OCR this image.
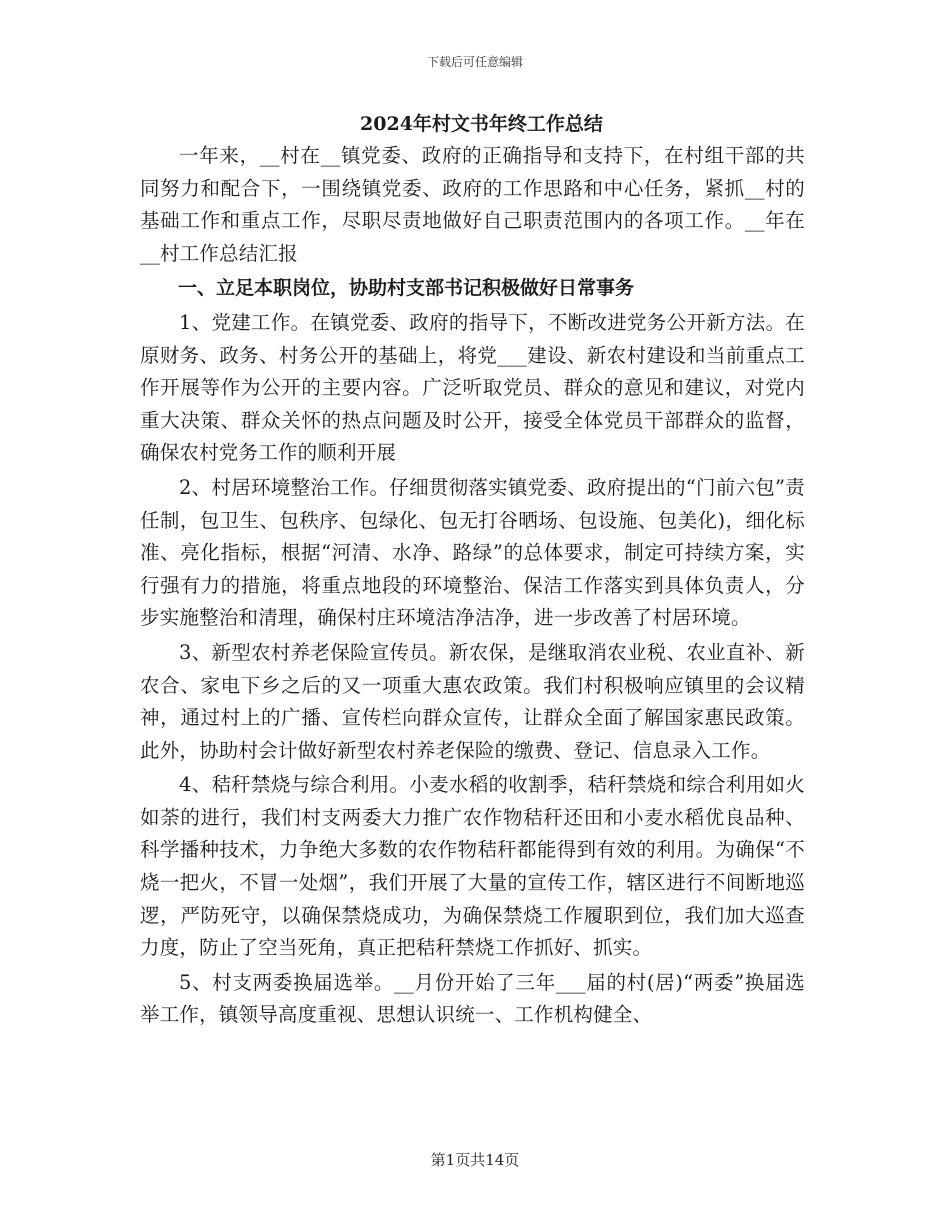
下载后可任意编辑
2024年村文书年终工作总结

一年来，__村在__镇党委、政府的正确指导和支持下，在村组干部的共同努力和配合下，一围绕镇党委、政府的工作思路和中心任务，紧抓__村的基础工作和重点工作，尽职尽责地做好自己职责范围内的各项工作。__年在__村工作总结汇报

一、立足本职岗位，协助村支部书记积极做好日常事务

1、党建工作。在镇党委、政府的指导下，不断改进党务公开新方法。在原财务、政务、村务公开的基础上，将党___建设、新农村建设和当前重点工作开展等作为公开的主要内容。广泛听取党员、群众的意见和建议，对党内重大决策、群众关怀的热点问题及时公开，接受全体党员干部群众的监督，确保农村党务工作的顺利开展

2、村居环境整治工作。仔细贯彻落实镇党委、政府提出的“门前六包”责任制，包卫生、包秩序、包绿化、包无打谷晒场、包设施、包美化)，细化标准、亮化指标，根据“河清、水净、路绿”的总体要求，制定可持续方案，实行强有力的措施，将重点地段的环境整治、保洁工作落实到具体负责人，分步实施整治和清理，确保村庄环境洁净洁净，进一步改善了村居环境。

3、新型农村养老保险宣传员。新农保，是继取消农业税、农业直补、新农合、家电下乡之后的又一项重大惠农政策。我们村积极响应镇里的会议精神，通过村上的广播、宣传栏向群众宣传，让群众全面了解国家惠民政策。此外，协助村会计做好新型农村养老保险的缴费、登记、信息录入工作。

4、秸秆禁烧与综合利用。小麦水稻的收割季，秸秆禁烧和综合利用如火如荼的进行，我们村支两委大力推广农作物秸秆还田和小麦水稻优良品种、科学播种技术，力争绝大多数的农作物秸秆都能得到有效的利用。为确保“不烧一把火，不冒一处烟”，我们开展了大量的宣传工作，辖区进行不间断地巡逻，严防死守，以确保禁烧成功，为确保禁烧工作履职到位，我们加大巡查力度，防止了空当死角，真正把秸秆禁烧工作抓好、抓实。

5、村支两委换届选举。__月份开始了三年___届的村(居)“两委”换届选举工作，镇领导高度重视、思想认识统一、工作机构健全、

第1页共14页
